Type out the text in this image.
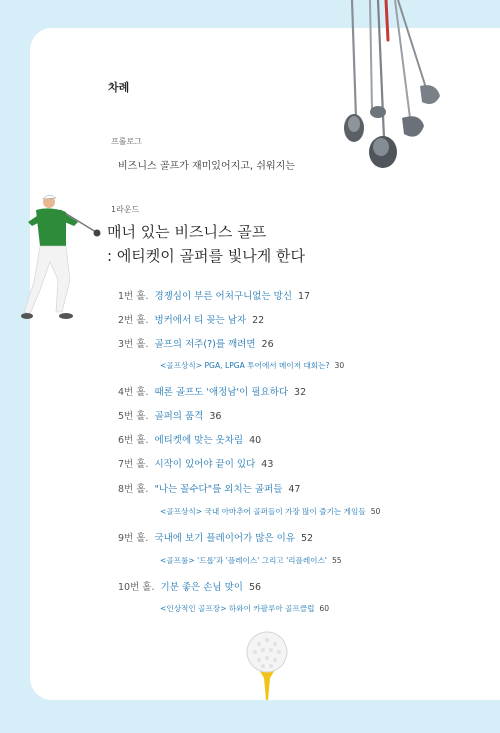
차례
프롤로그
비즈니스 골프가 재미있어지고, 쉬워지는
1라운드
매너 있는 비즈니스 골프
: 에티켓이 골퍼를 빛나게 한다
1번 홀. 경쟁심이 부른 어처구니없는 망신 17
2번 홀. 벙커에서 티 꽂는 남자 22
3번 홀. 골프의 저주(?)를 깨려면 26
<골프상식> PGA, LPGA 투어에서 메이저 대회는? 30
4번 홀. 때론 골프도 '애정남'이 필요하다 32
5번 홀. 골퍼의 품격 36
6번 홀. 에티켓에 맞는 옷차림 40
7번 홀. 시작이 있어야 끝이 있다 43
8번 홀. "나는 꼴수다"를 외치는 골퍼들 47
<골프상식> 국내 아마추어 골퍼들이 가장 많이 즐기는 게임들 50
9번 홀. 국내에 보기 플레이어가 많은 이유 52
<골프룰> '드롭'과 '플레이스' 그리고 '리플레이스' 55
10번 홀. 기분 좋은 손님 맞이 56
<인상적인 골프장> 하와이 카팔루아 골프클럽 60
